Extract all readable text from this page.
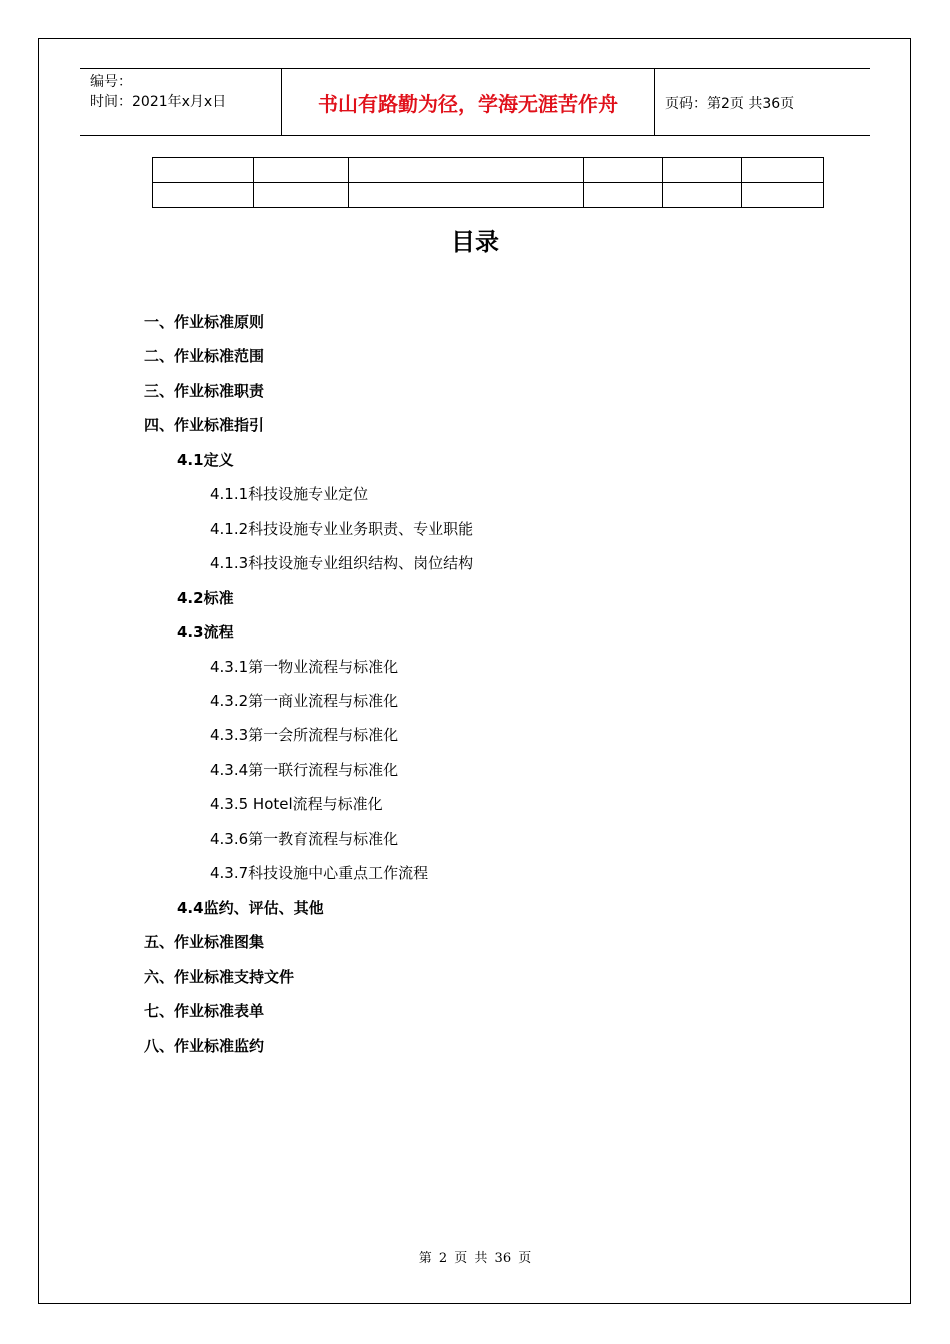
编号：
时间：2021年x月x日	书山有路勤为径，学海无涯苦作舟	页码：第2页 共36页

目录
一、作业标准原则
二、作业标准范围
三、作业标准职责
四、作业标准指引
4.1定义
4.1.1科技设施专业定位
4.1.2科技设施专业业务职责、专业职能
4.1.3科技设施专业组织结构、岗位结构
4.2标准
4.3流程
4.3.1第一物业流程与标准化
4.3.2第一商业流程与标准化
4.3.3第一会所流程与标准化
4.3.4第一联行流程与标准化
4.3.5 Hotel流程与标准化
4.3.6第一教育流程与标准化
4.3.7科技设施中心重点工作流程
4.4监约、评估、其他
五、作业标准图集
六、作业标准支持文件
七、作业标准表单
八、作业标准监约
第 2 页 共 36 页
